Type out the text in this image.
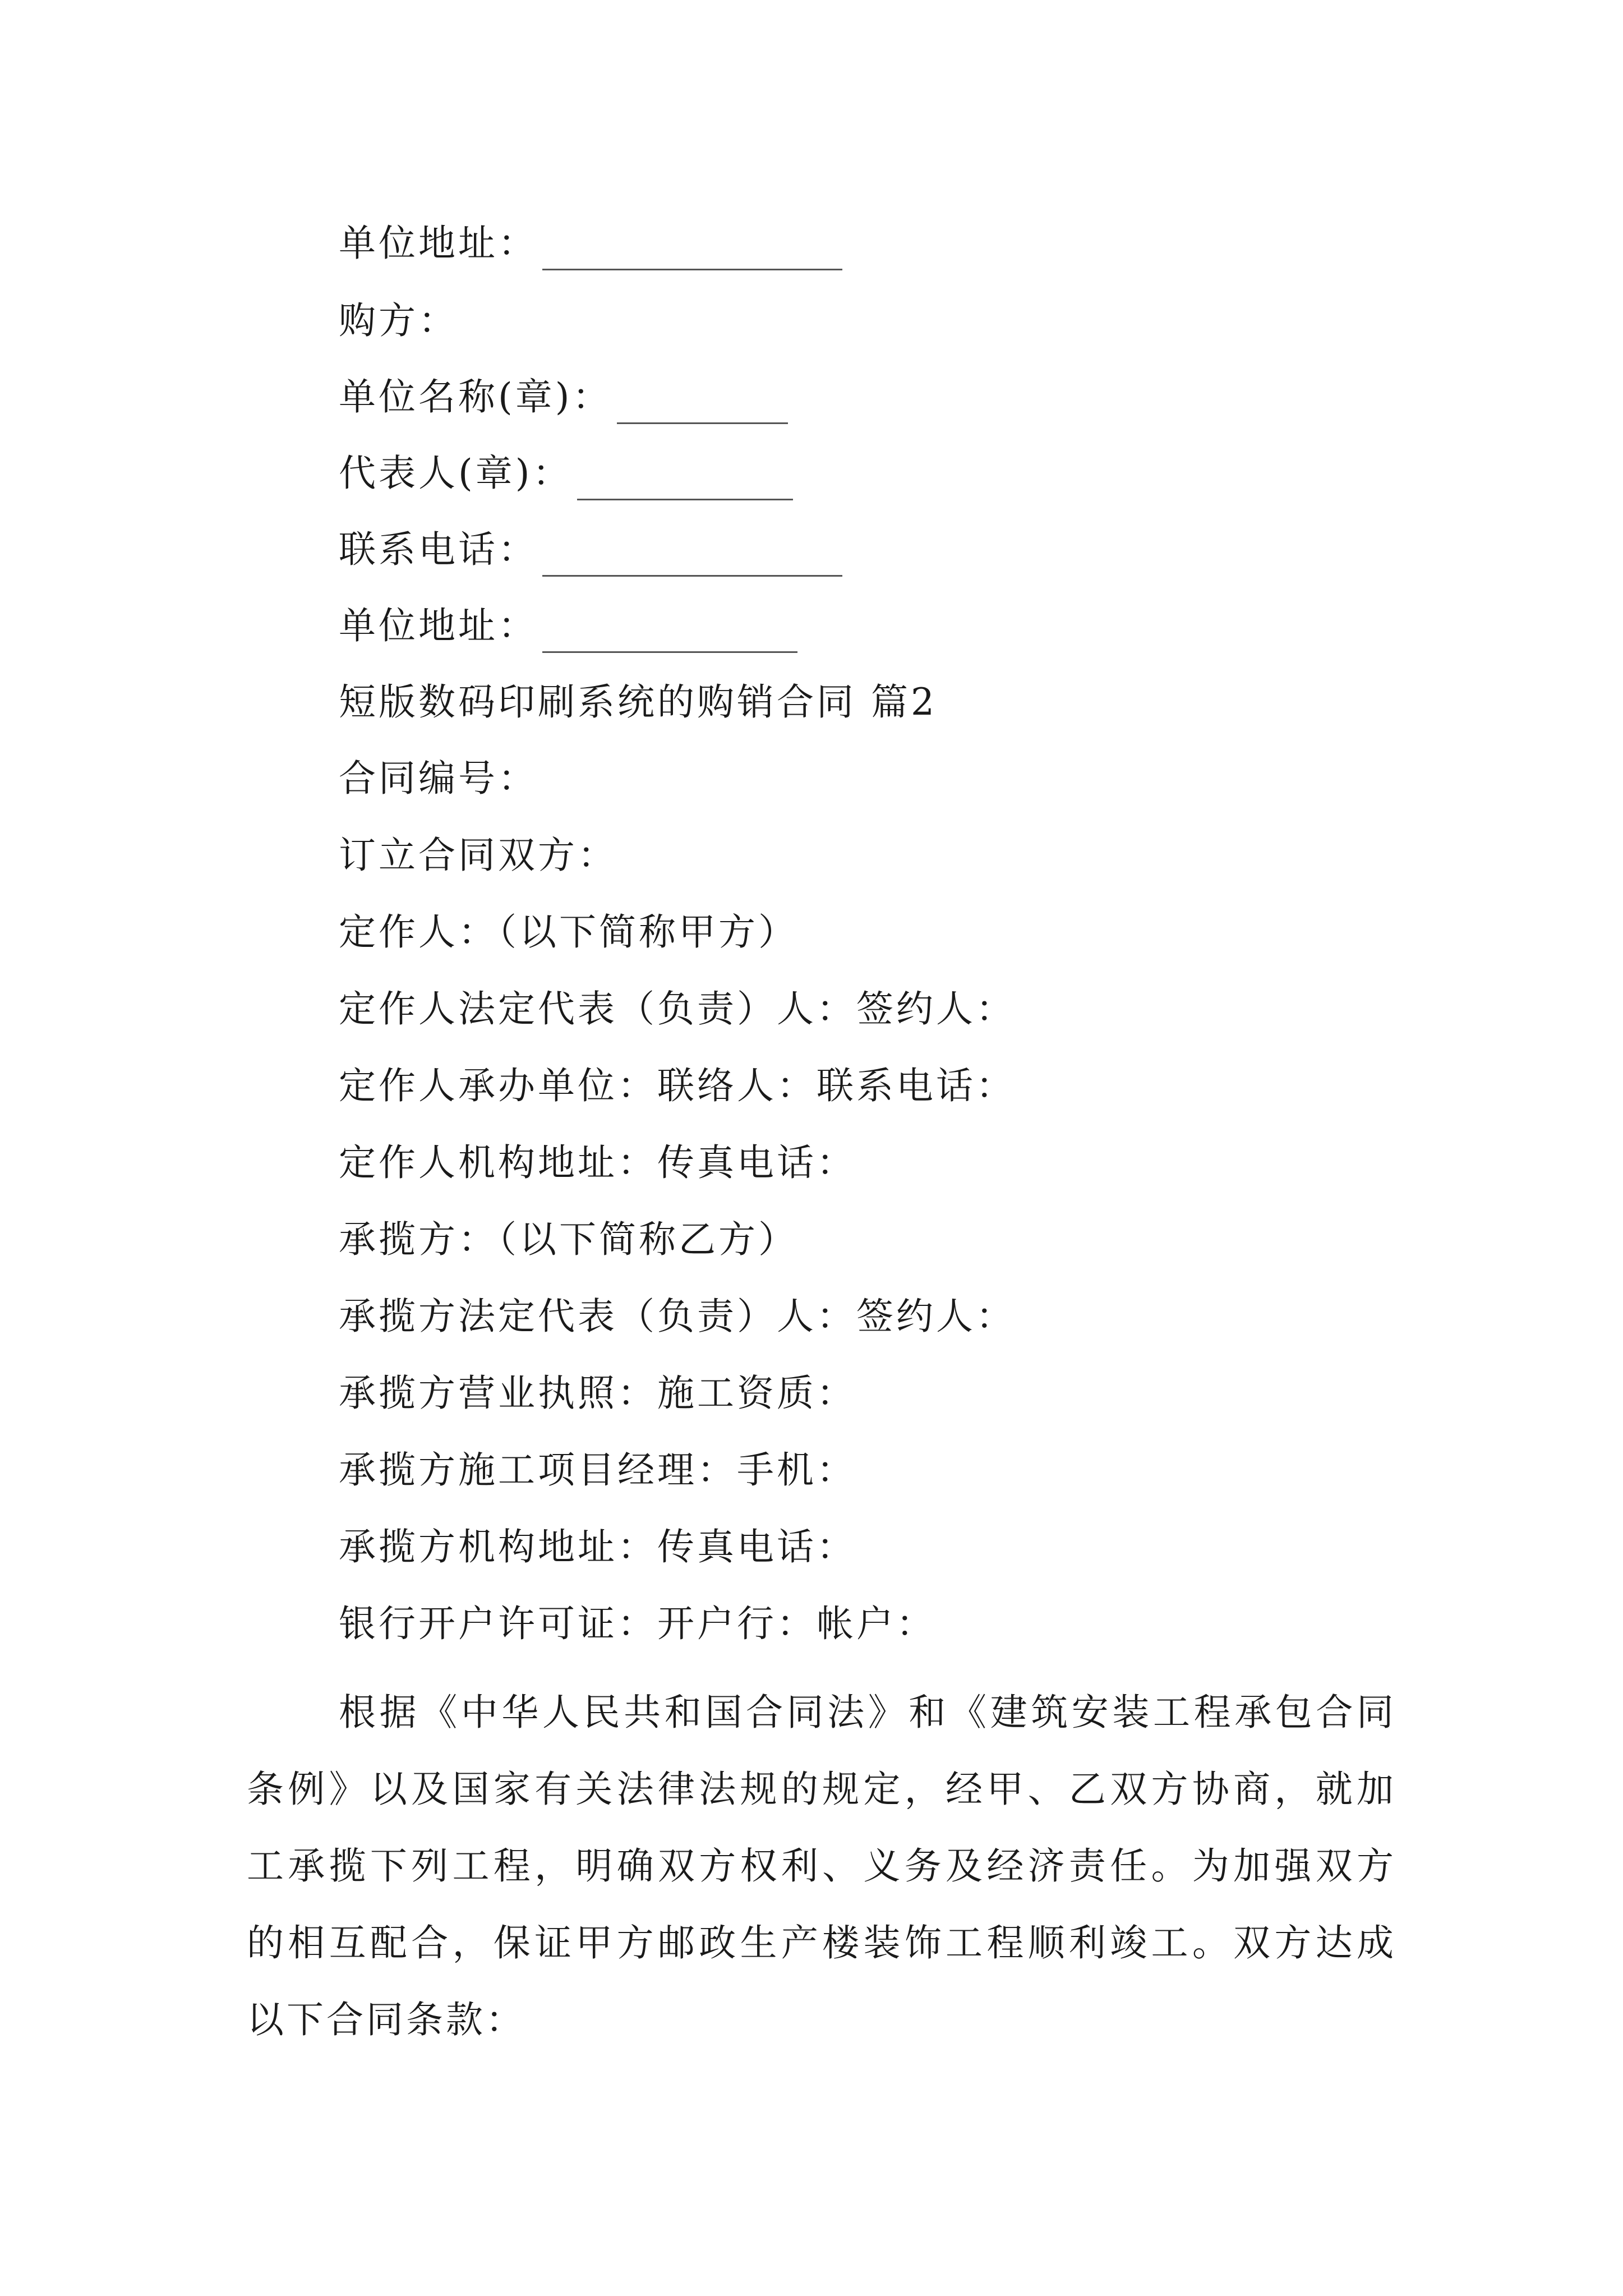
单位地址：
购方：
单位名称(章)：
代表人(章)：
联系电话：
单位地址：
短版数码印刷系统的购销合同 篇2
合同编号：
订立合同双方：
定作人：（以下简称甲方）
定作人法定代表（负责）人：签约人：
定作人承办单位：联络人：联系电话：
定作人机构地址：传真电话：
承揽方：（以下简称乙方）
承揽方法定代表（负责）人：签约人：
承揽方营业执照：施工资质：
承揽方施工项目经理：手机：
承揽方机构地址：传真电话：
银行开户许可证：开户行：帐户：

根据《中华人民共和国合同法》和《建筑安装工程承包合同条例》以及国家有关法律法规的规定，经甲、乙双方协商，就加工承揽下列工程，明确双方权利、义务及经济责任。为加强双方的相互配合，保证甲方邮政生产楼装饰工程顺利竣工。双方达成以下合同条款：
